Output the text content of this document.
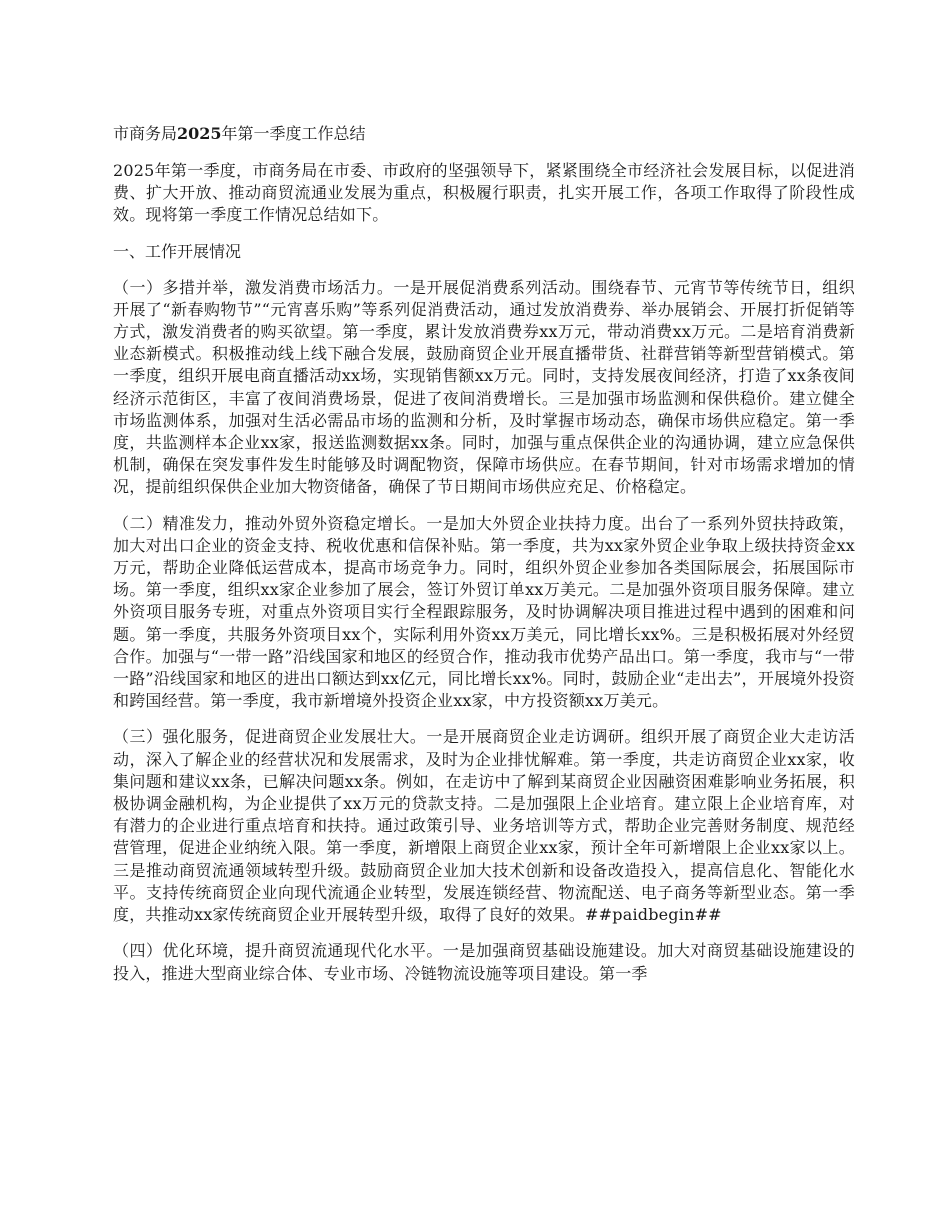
市商务局2025年第一季度工作总结

2025年第一季度，市商务局在市委、市政府的坚强领导下，紧紧围绕全市经济社会发展目标，以促进消费、扩大开放、推动商贸流通业发展为重点，积极履行职责，扎实开展工作，各项工作取得了阶段性成效。现将第一季度工作情况总结如下。

一、工作开展情况

（一）多措并举，激发消费市场活力。一是开展促消费系列活动。围绕春节、元宵节等传统节日，组织开展了“新春购物节”“元宵喜乐购”等系列促消费活动，通过发放消费券、举办展销会、开展打折促销等方式，激发消费者的购买欲望。第一季度，累计发放消费券xx万元，带动消费xx万元。二是培育消费新业态新模式。积极推动线上线下融合发展，鼓励商贸企业开展直播带货、社群营销等新型营销模式。第一季度，组织开展电商直播活动xx场，实现销售额xx万元。同时，支持发展夜间经济，打造了xx条夜间经济示范街区，丰富了夜间消费场景，促进了夜间消费增长。三是加强市场监测和保供稳价。建立健全市场监测体系，加强对生活必需品市场的监测和分析，及时掌握市场动态，确保市场供应稳定。第一季度，共监测样本企业xx家，报送监测数据xx条。同时，加强与重点保供企业的沟通协调，建立应急保供机制，确保在突发事件发生时能够及时调配物资，保障市场供应。在春节期间，针对市场需求增加的情况，提前组织保供企业加大物资储备，确保了节日期间市场供应充足、价格稳定。

（二）精准发力，推动外贸外资稳定增长。一是加大外贸企业扶持力度。出台了一系列外贸扶持政策，加大对出口企业的资金支持、税收优惠和信保补贴。第一季度，共为xx家外贸企业争取上级扶持资金xx万元，帮助企业降低运营成本，提高市场竞争力。同时，组织外贸企业参加各类国际展会，拓展国际市场。第一季度，组织xx家企业参加了展会，签订外贸订单xx万美元。二是加强外资项目服务保障。建立外资项目服务专班，对重点外资项目实行全程跟踪服务，及时协调解决项目推进过程中遇到的困难和问题。第一季度，共服务外资项目xx个，实际利用外资xx万美元，同比增长xx%。三是积极拓展对外经贸合作。加强与“一带一路”沿线国家和地区的经贸合作，推动我市优势产品出口。第一季度，我市与“一带一路”沿线国家和地区的进出口额达到xx亿元，同比增长xx%。同时，鼓励企业“走出去”，开展境外投资和跨国经营。第一季度，我市新增境外投资企业xx家，中方投资额xx万美元。

（三）强化服务，促进商贸企业发展壮大。一是开展商贸企业走访调研。组织开展了商贸企业大走访活动，深入了解企业的经营状况和发展需求，及时为企业排忧解难。第一季度，共走访商贸企业xx家，收集问题和建议xx条，已解决问题xx条。例如，在走访中了解到某商贸企业因融资困难影响业务拓展，积极协调金融机构，为企业提供了xx万元的贷款支持。二是加强限上企业培育。建立限上企业培育库，对有潜力的企业进行重点培育和扶持。通过政策引导、业务培训等方式，帮助企业完善财务制度、规范经营管理，促进企业纳统入限。第一季度，新增限上商贸企业xx家，预计全年可新增限上企业xx家以上。三是推动商贸流通领域转型升级。鼓励商贸企业加大技术创新和设备改造投入，提高信息化、智能化水平。支持传统商贸企业向现代流通企业转型，发展连锁经营、物流配送、电子商务等新型业态。第一季度，共推动xx家传统商贸企业开展转型升级，取得了良好的效果。##paidbegin##

（四）优化环境，提升商贸流通现代化水平。一是加强商贸基础设施建设。加大对商贸基础设施建设的投入，推进大型商业综合体、专业市场、冷链物流设施等项目建设。第一季
